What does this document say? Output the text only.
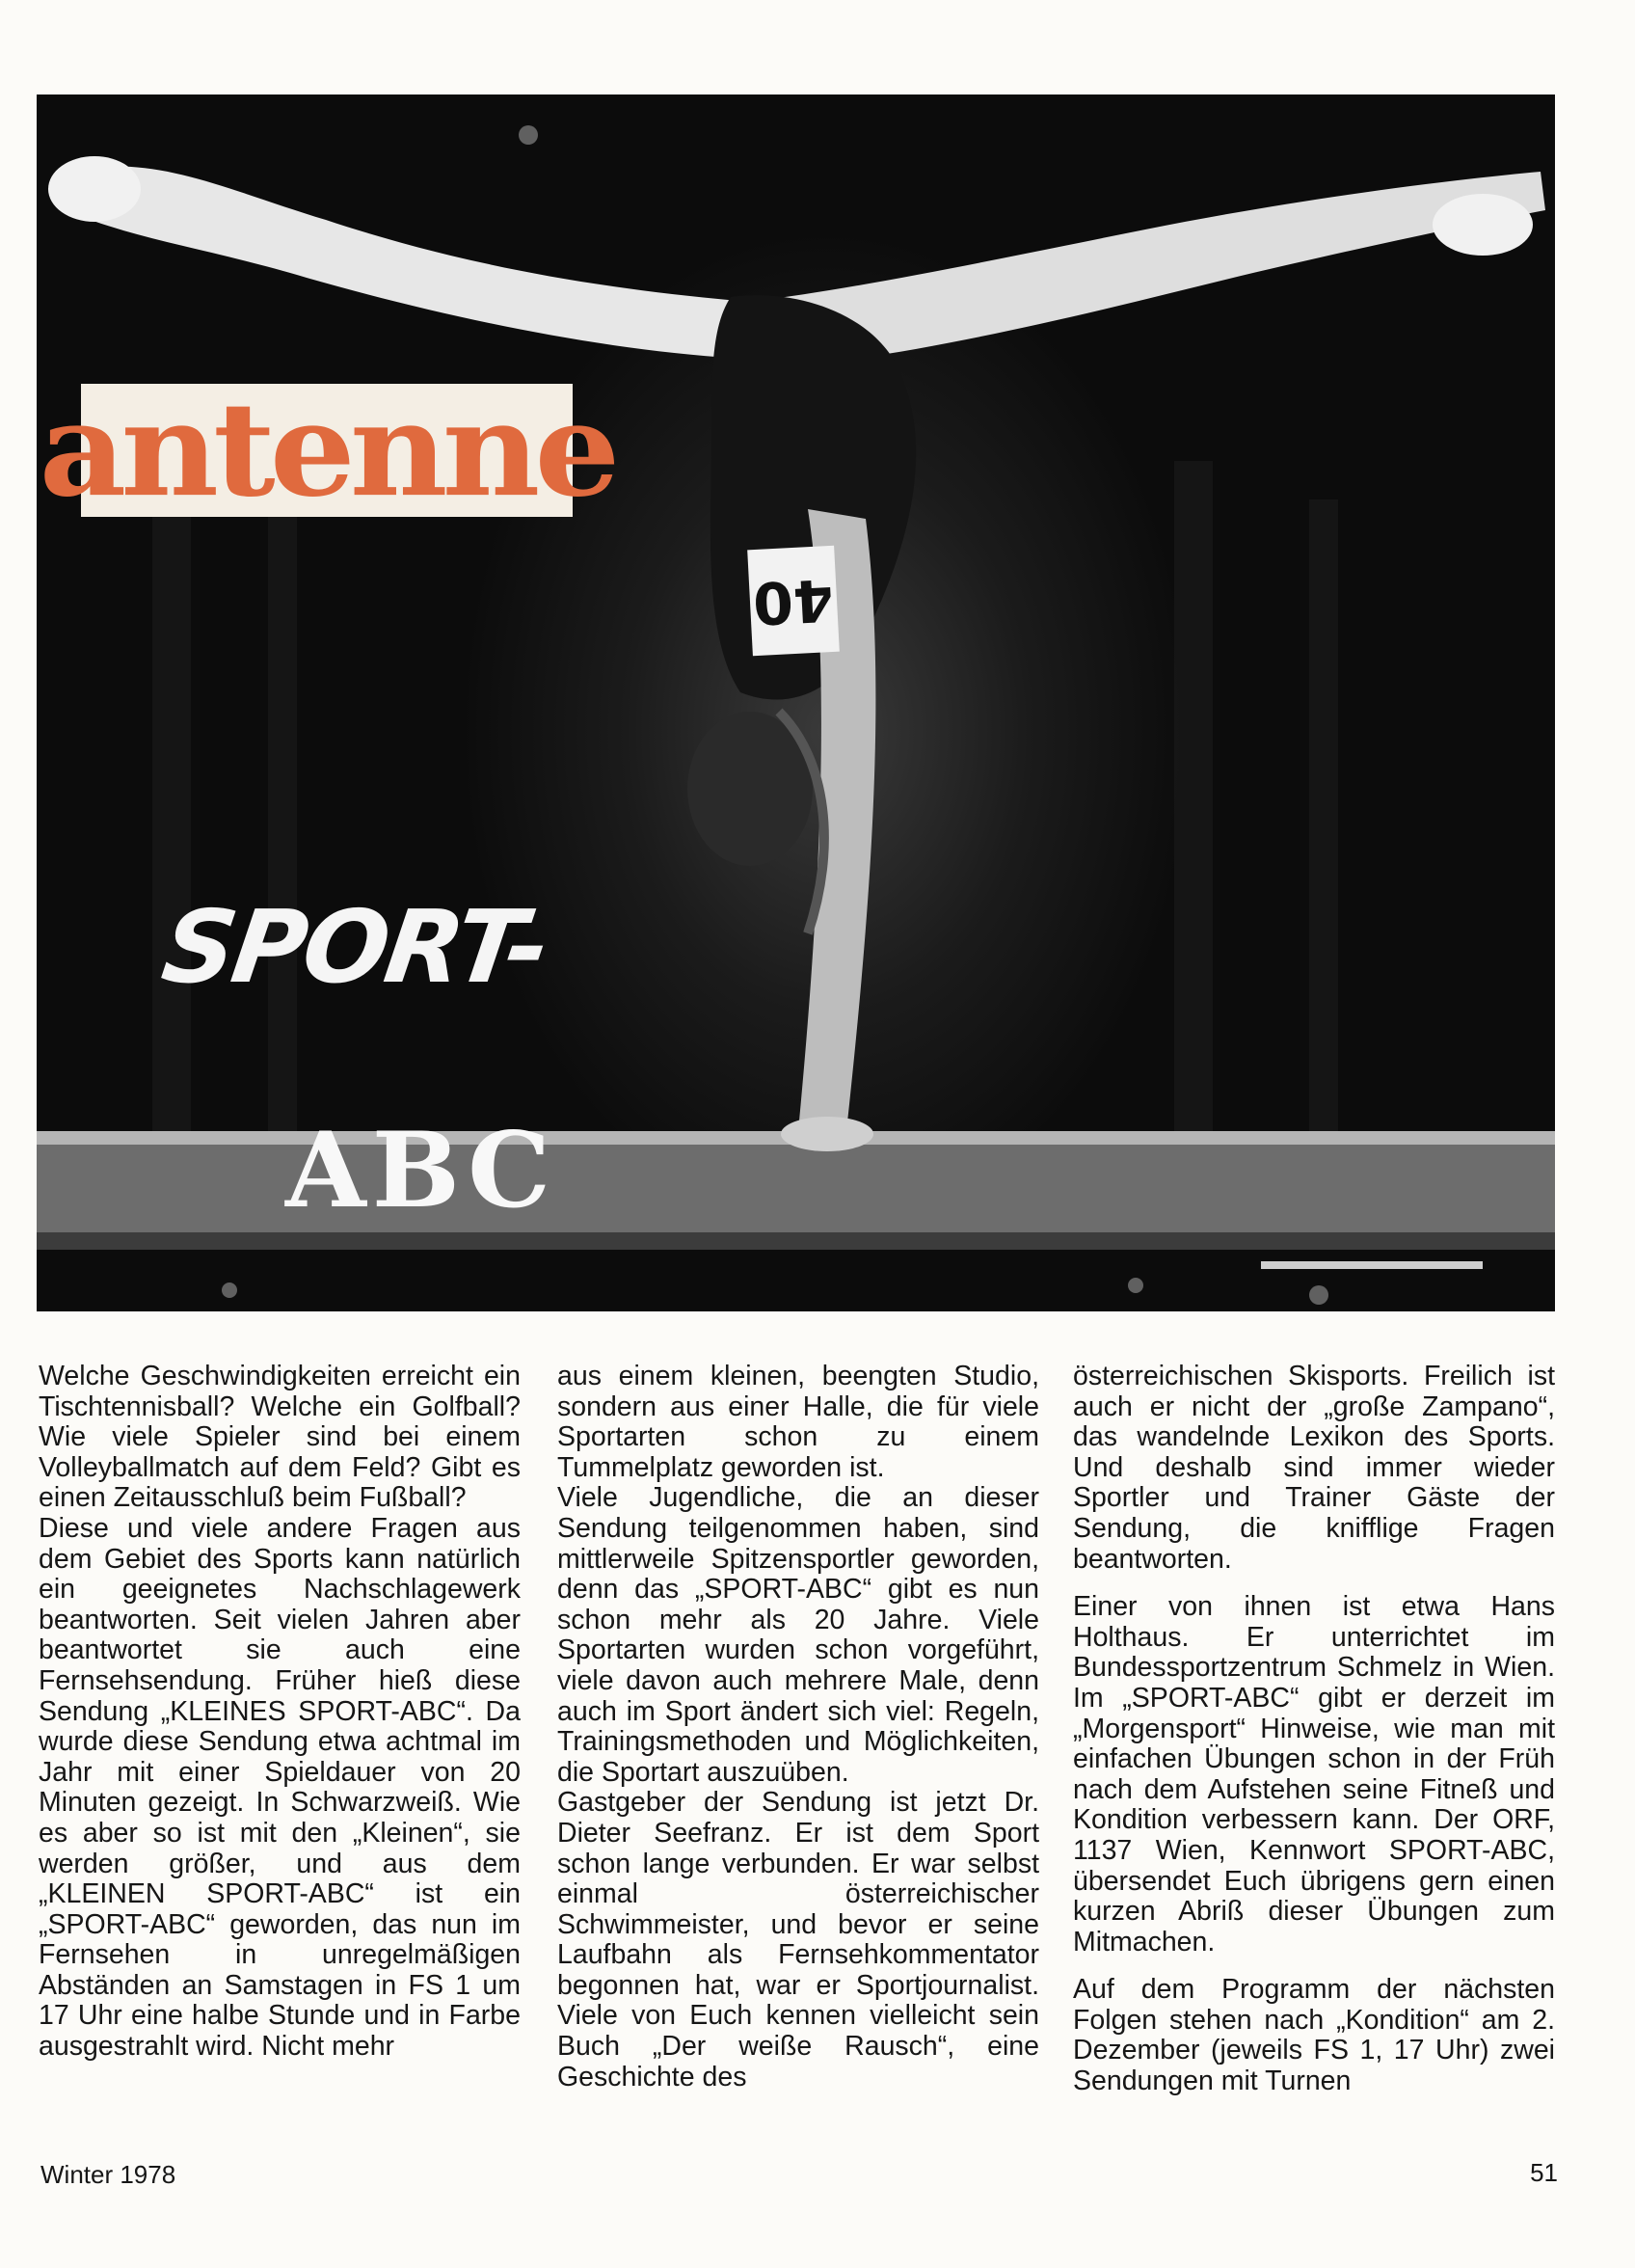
40
antenne
SPORT-
ABC

Welche Geschwindigkeiten erreicht ein Tischtennisball? Welche ein Golfball? Wie viele Spieler sind bei einem Volleyballmatch auf dem Feld? Gibt es einen Zeitausschluß beim Fußball?

Diese und viele andere Fragen aus dem Gebiet des Sports kann natürlich ein geeignetes Nachschlagewerk beantworten. Seit vielen Jahren aber beantwortet sie auch eine Fernsehsendung. Früher hieß diese Sendung „KLEINES SPORT-ABC“. Da wurde diese Sendung etwa achtmal im Jahr mit einer Spieldauer von 20 Minuten gezeigt. In Schwarzweiß. Wie es aber so ist mit den „Kleinen“, sie werden größer, und aus dem „KLEINEN SPORT-ABC“ ist ein „SPORT-ABC“ geworden, das nun im Fernsehen in unregelmäßigen Abständen an Samstagen in FS 1 um 17 Uhr eine halbe Stunde und in Farbe ausgestrahlt wird. Nicht mehr

aus einem kleinen, beengten Studio, sondern aus einer Halle, die für viele Sportarten schon zu einem Tummelplatz geworden ist.

Viele Jugendliche, die an dieser Sendung teilgenommen haben, sind mittlerweile Spitzensportler geworden, denn das „SPORT-ABC“ gibt es nun schon mehr als 20 Jahre. Viele Sportarten wurden schon vorgeführt, viele davon auch mehrere Male, denn auch im Sport ändert sich viel: Regeln, Trainingsmethoden und Möglichkeiten, die Sportart auszuüben.

Gastgeber der Sendung ist jetzt Dr. Dieter Seefranz. Er ist dem Sport schon lange verbunden. Er war selbst einmal österreichischer Schwimmeister, und bevor er seine Laufbahn als Fernsehkommentator begonnen hat, war er Sportjournalist. Viele von Euch kennen vielleicht sein Buch „Der weiße Rausch“, eine Geschichte des

österreichischen Skisports. Freilich ist auch er nicht der „große Zampano“, das wandelnde Lexikon des Sports. Und deshalb sind immer wieder Sportler und Trainer Gäste der Sendung, die knifflige Fragen beantworten.

Einer von ihnen ist etwa Hans Holthaus. Er unterrichtet im Bundessportzentrum Schmelz in Wien. Im „SPORT-ABC“ gibt er derzeit im „Morgensport“ Hinweise, wie man mit einfachen Übungen schon in der Früh nach dem Aufstehen seine Fitneß und Kondition verbessern kann. Der ORF, 1137 Wien, Kennwort SPORT-ABC, übersendet Euch übrigens gern einen kurzen Abriß dieser Übungen zum Mitmachen.

Auf dem Programm der nächsten Folgen stehen nach „Kondition“ am 2. Dezember (jeweils FS 1, 17 Uhr) zwei Sendungen mit Turnen

Winter 1978	51
